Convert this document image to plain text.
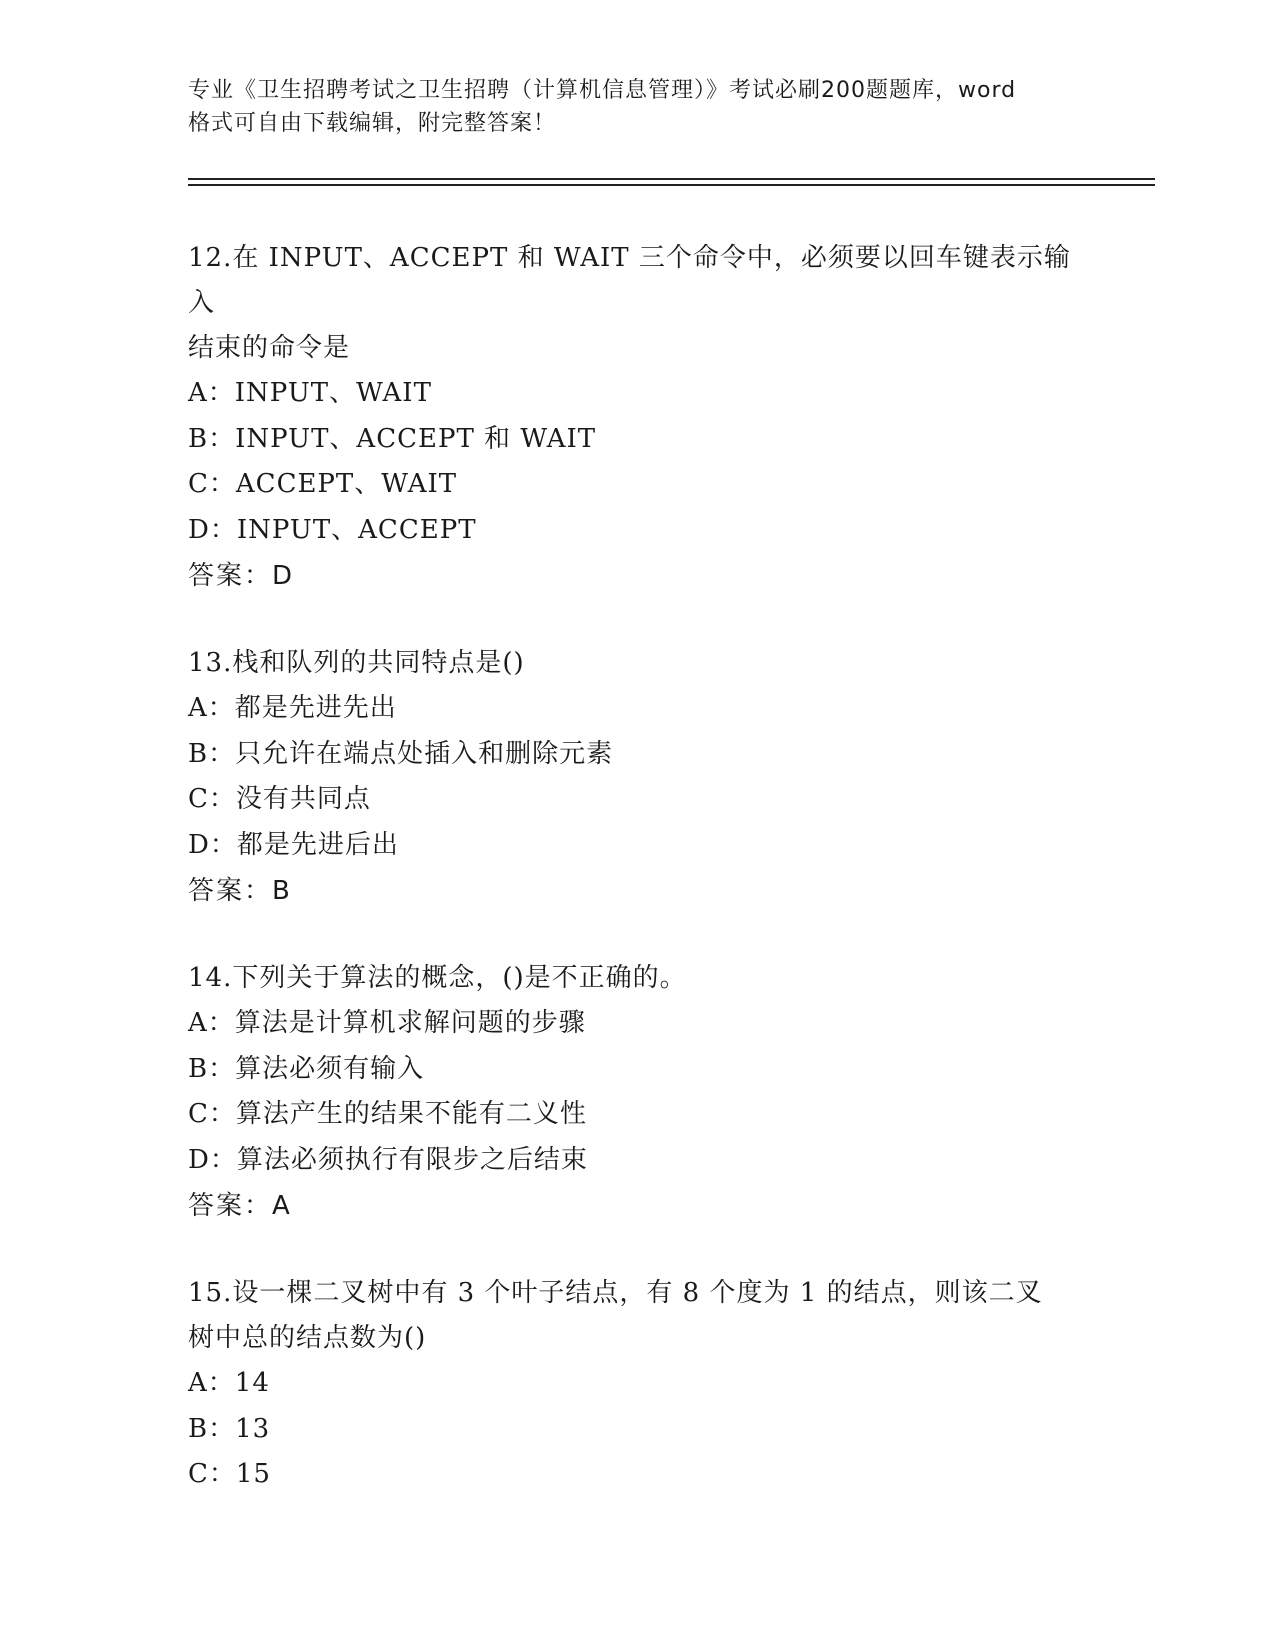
专业《卫生招聘考试之卫生招聘（计算机信息管理）》考试必刷200题题库，word
格式可自由下载编辑，附完整答案！
12.在 INPUT、ACCEPT 和 WAIT 三个命令中，必须要以回车键表示输入
结束的命令是
A：INPUT、WAIT
B：INPUT、ACCEPT 和 WAIT
C：ACCEPT、WAIT
D：INPUT、ACCEPT
答案：D
13.栈和队列的共同特点是()
A：都是先进先出
B：只允许在端点处插入和删除元素
C：没有共同点
D：都是先进后出
答案：B
14.下列关于算法的概念，()是不正确的。
A：算法是计算机求解问题的步骤
B：算法必须有输入
C：算法产生的结果不能有二义性
D：算法必须执行有限步之后结束
答案：A
15.设一棵二叉树中有 3 个叶子结点，有 8 个度为 1 的结点，则该二叉
树中总的结点数为()
A：14
B：13
C：15
